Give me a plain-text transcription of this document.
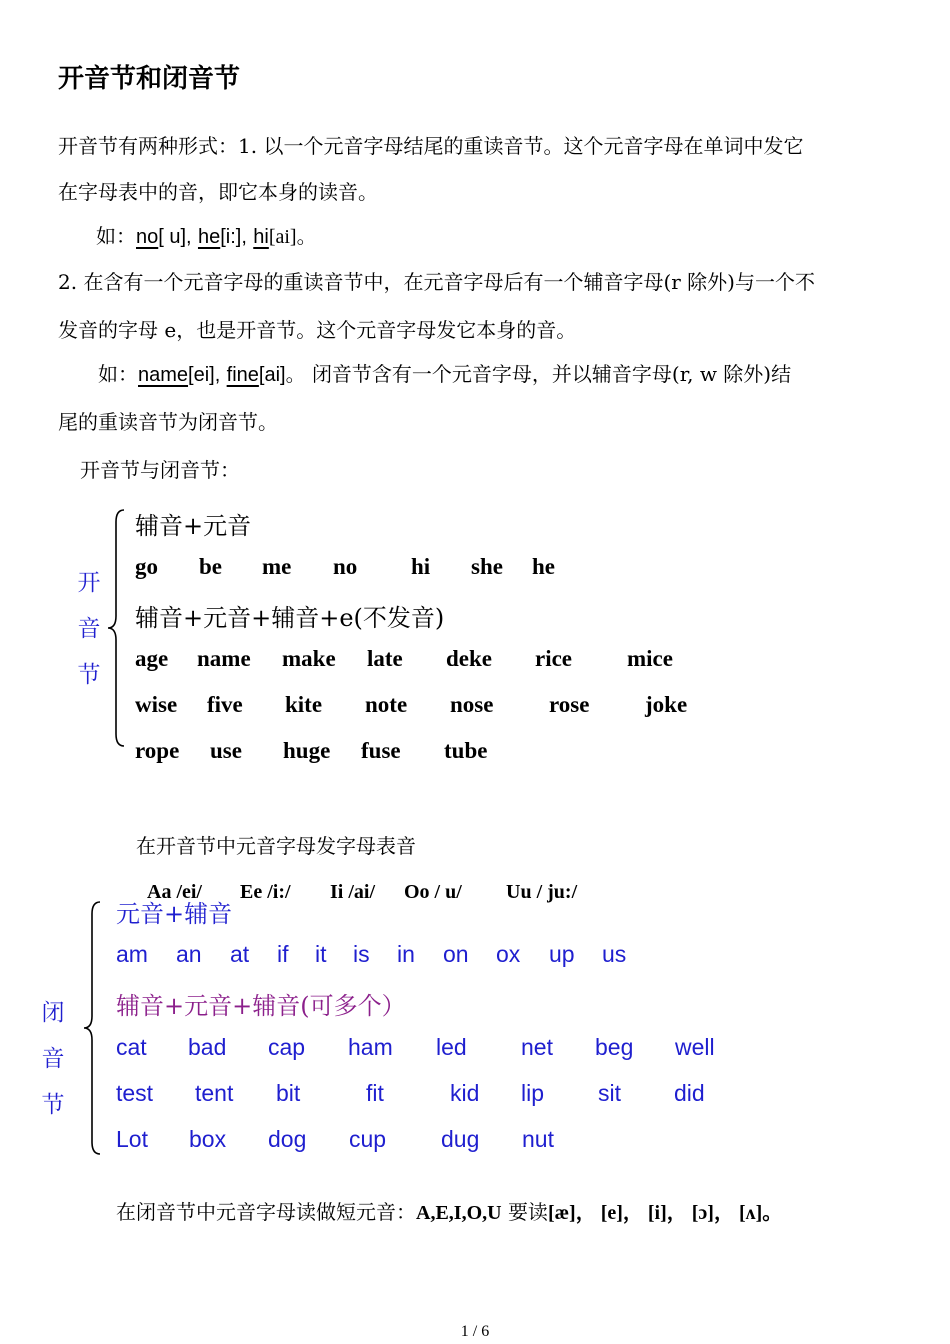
开音节和闭音节
开音节有两种形式：1. 以一个元音字母结尾的重读音节。这个元音字母在单词中发它
在字母表中的音，即它本身的读音。
如：no[ u], he[i:], hi[ai]。
2. 在含有一个元音字母的重读音节中，在元音字母后有一个辅音字母(r 除外)与一个不
发音的字母 e，也是开音节。这个元音字母发它本身的音。
如：name[ei], fine[ai]。 闭音节含有一个元音字母，并以辅音字母(r, w 除外)结
尾的重读音节为闭音节。
开音节与闭音节：
开
音
节
辅音+元音
go be me no hi she he
辅音+元音+辅音+e(不发音)
age name make late deke rice mice
wise five kite note nose rose joke
rope use huge fuse tube
在开音节中元音字母发字母表音
Aa /ei/ Ee /i:/ Ii /ai/ Oo / u/ Uu / ju:/
闭
音
节
元音+辅音
am an at if it is in on ox up us
辅音+元音+辅音(可多个）
cat bad cap ham led net beg well
test tent bit	fit	kid lip sit did
Lot box dog cup dug nut
在闭音节中元音字母读做短元音：A,E,I,O,U 要读[æ]， [e]， [i]， [ɔ]， [ʌ]。
1 / 6
